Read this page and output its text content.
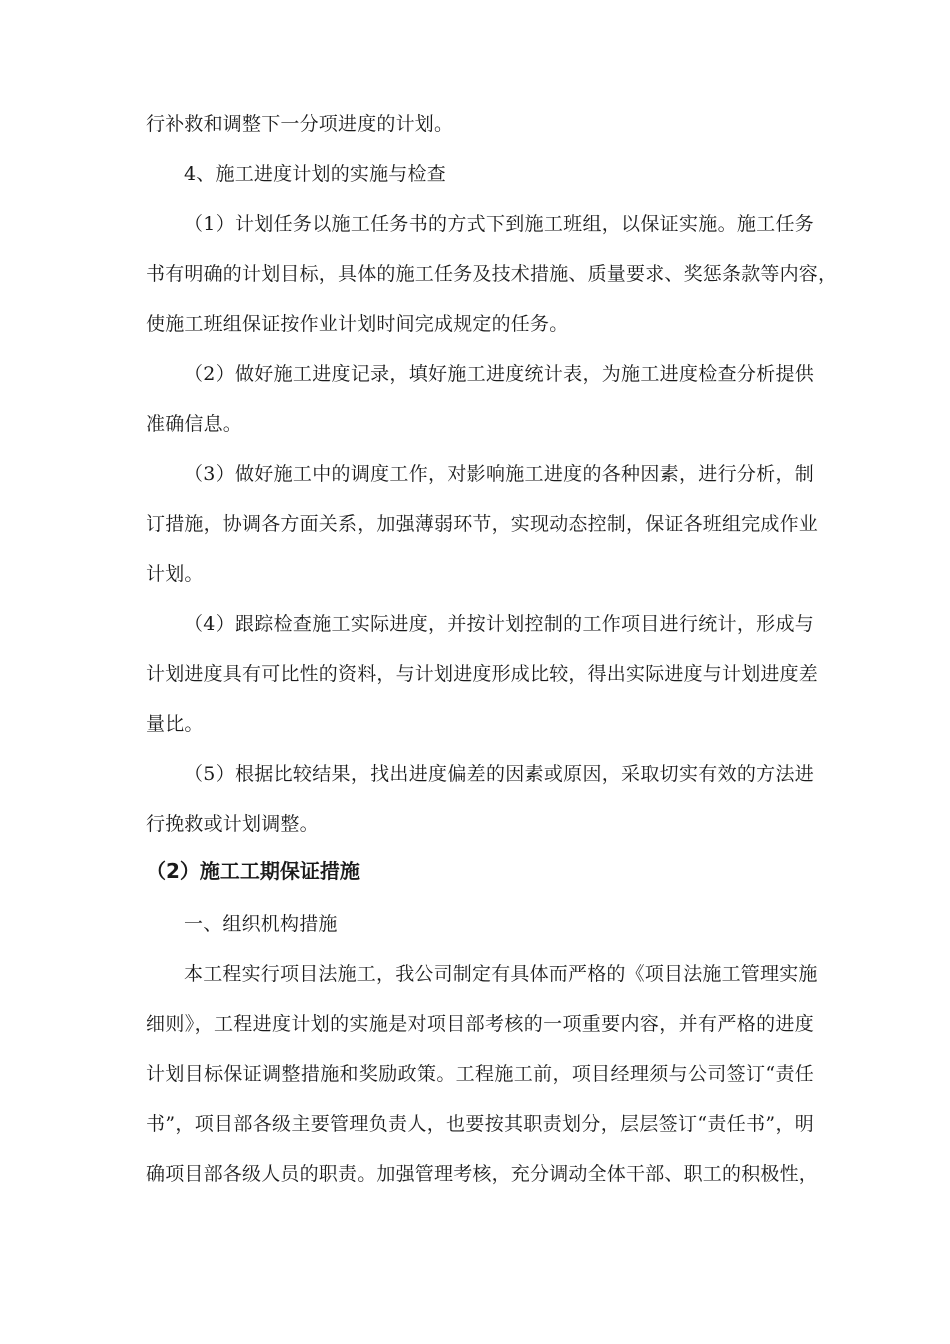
行补救和调整下一分项进度的计划。
4、施工进度计划的实施与检查
（1）计划任务以施工任务书的方式下到施工班组，以保证实施。施工任务
书有明确的计划目标，具体的施工任务及技术措施、质量要求、奖惩条款等内容，
使施工班组保证按作业计划时间完成规定的任务。
（2）做好施工进度记录，填好施工进度统计表，为施工进度检查分析提供
准确信息。
（3）做好施工中的调度工作，对影响施工进度的各种因素，进行分析，制
订措施，协调各方面关系，加强薄弱环节，实现动态控制，保证各班组完成作业
计划。
（4）跟踪检查施工实际进度，并按计划控制的工作项目进行统计，形成与
计划进度具有可比性的资料，与计划进度形成比较，得出实际进度与计划进度差
量比。
（5）根据比较结果，找出进度偏差的因素或原因，采取切实有效的方法进
行挽救或计划调整。
（2）施工工期保证措施
一、组织机构措施
本工程实行项目法施工，我公司制定有具体而严格的《项目法施工管理实施
细则》，工程进度计划的实施是对项目部考核的一项重要内容，并有严格的进度
计划目标保证调整措施和奖励政策。工程施工前，项目经理须与公司签订“责任
书”，项目部各级主要管理负责人，也要按其职责划分，层层签订“责任书”，明
确项目部各级人员的职责。加强管理考核，充分调动全体干部、职工的积极性，
